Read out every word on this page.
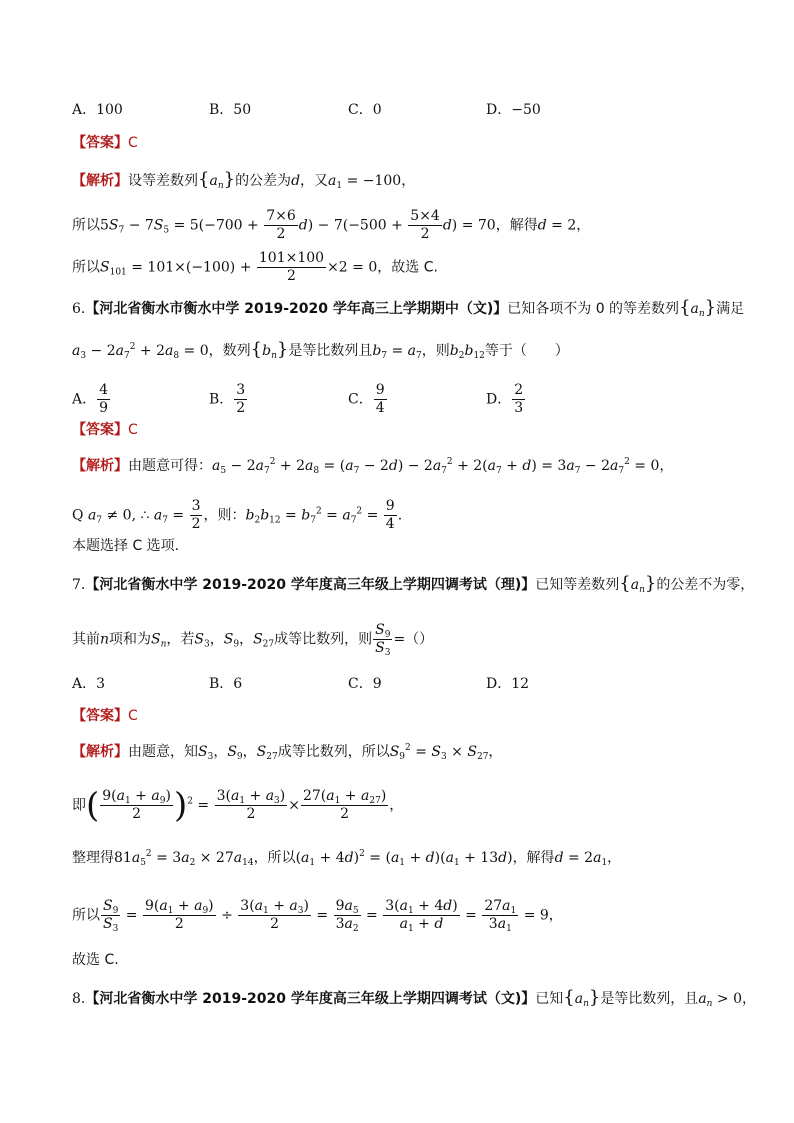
A．100	B．50	C．0	D．−50
【答案】C
【解析】设等差数列$\{a_n\}$的公差为d，又$a_1 = -100$，
所以$5S_7 - 7S_5 = 5(-700 + \frac{7\times 6}{2} d) - 7(-500 + \frac{5\times 4}{2} d) = 70$，解得d = 2，
所以$S_{101} = 101\times(-100) + \frac{101\times 100}{2} \times 2 = 0$，故选 C.
6.【河北省衡水市衡水中学 2019-2020 学年高三上学期期中（文)】已知各项不为 0 的等差数列$\{a_n\}$满足
$a_3 - 2a_7^2 + 2a_8 = 0$，数列$\{b_n\}$是等比数列且$b_7 = a_7$，则$b_2b_{12}$等于（　　）
A． $\frac{4}{9}$	B． $\frac{3}{2}$	C． $\frac{9}{4}$	D． $\frac{2}{3}$
【答案】C
【解析】由题意可得：$a_5 - 2a_7^2 + 2a_8 = (a_7 - 2d) - 2a_7^2 + 2(a_7 + d) = 3a_7 - 2a_7^2 = 0$，
Q $a_7 \ne 0$, ∴ $a_7 = \frac{3}{2}$ ，则：$b_2b_{12} = b_7^2 = a_7^2 = \frac{9}{4}$ .
本题选择 C 选项.
7.【河北省衡水中学 2019-2020 学年度高三年级上学期四调考试（理)】已知等差数列$\{a_n\}$的公差不为零，
其前n项和为$S_n$，若$S_3$，$S_9$，$S_{27}$成等比数列，则 $\frac{S_9}{S_3}$ =（）
A．3	B．6	C．9	D．12
【答案】C
【解析】由题意，知$S_3$，$S_9$，$S_{27}$成等比数列，所以$S_9^2 = S_3 \times S_{27}$，
即( $\frac{9(a_1 + a_9)}{2} )^2 = \frac{3(a_1 + a_3)}{2} \times \frac{27(a_1 + a_{27})}{2}$ ，
整理得$81a_5^2 = 3a_2 \times 27a_{14}$，所以$(a_1 + 4d)^2 = (a_1 + d)(a_1 + 13d)$，解得$d = 2a_1$，
所以 $\frac{S_9}{S_3} = \frac{9(a_1 + a_9)}{2} \div \frac{3(a_1 + a_3)}{2} = \frac{9a_5}{3a_2} = \frac{3(a_1 + 4d)}{a_1 + d} = \frac{27a_1}{3a_1} = 9$，
故选 C.
8.【河北省衡水中学 2019-2020 学年度高三年级上学期四调考试（文)】已知$\{a_n\}$是等比数列，且$a_n > 0$，
